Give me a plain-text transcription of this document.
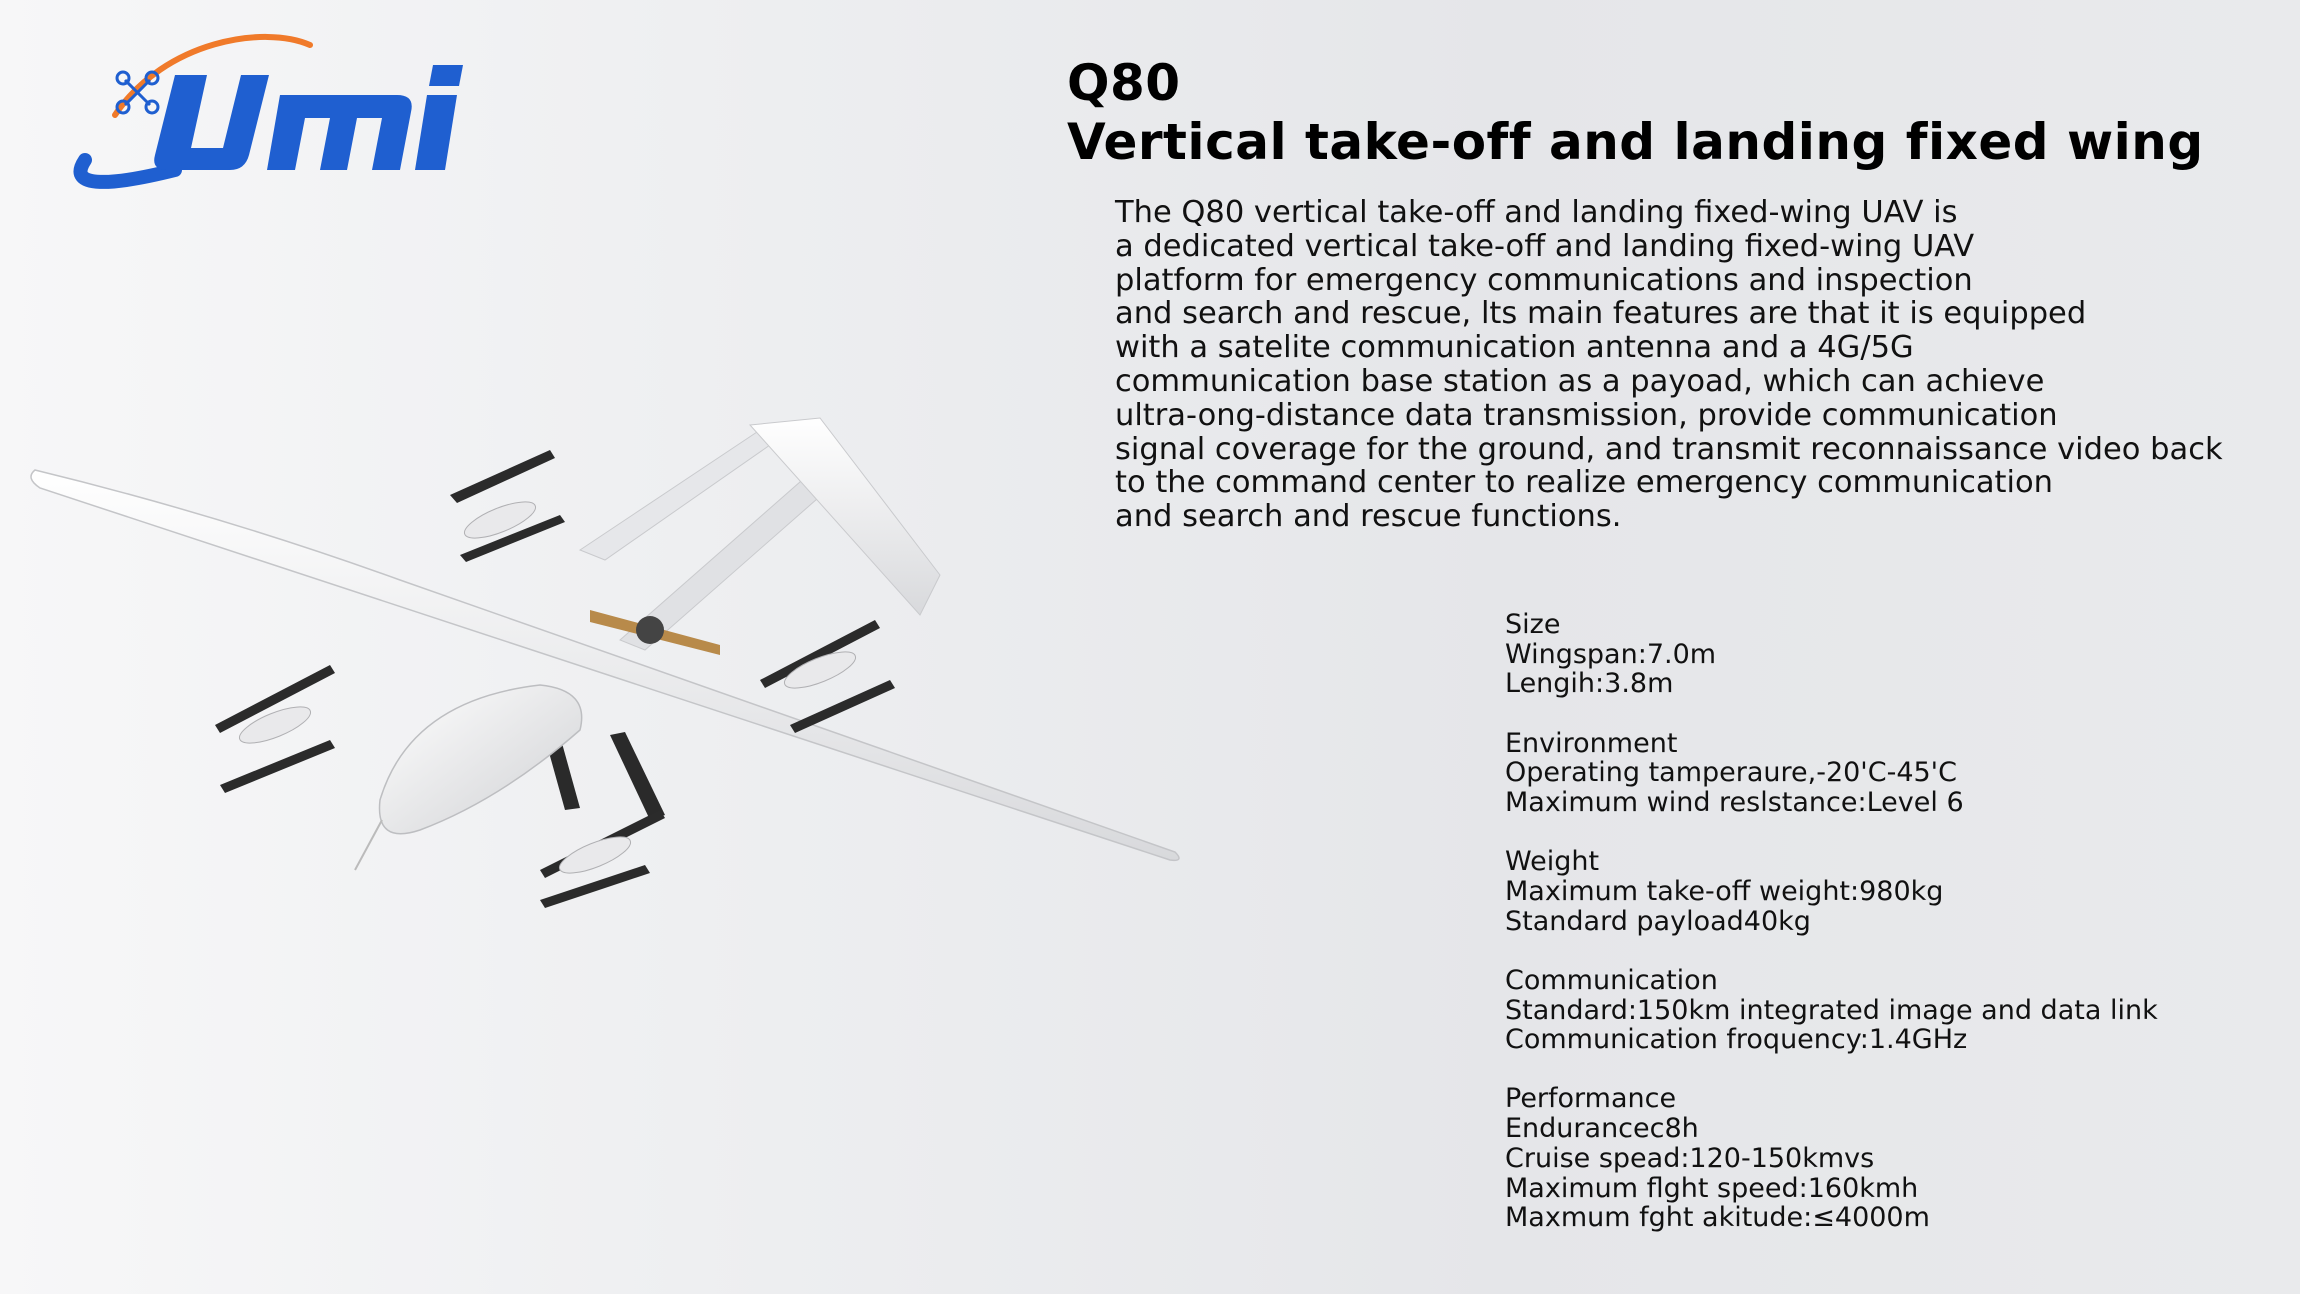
Q80
Vertical take-off and landing fixed wing

The Q80 vertical take-off and landing fixed-wing UAV is
a dedicated vertical take-off and landing fixed-wing UAV
platform for emergency communications and inspection
and search and rescue, lts main features are that it is equipped
with a satelite communication antenna and a 4G/5G
communication base station as a payoad, which can achieve
ultra-ong-distance data transmission, provide communication
signal coverage for the ground, and transmit reconnaissance video back
to the command center to realize emergency communication
and search and rescue functions.

Size
Wingspan:7.0m
Lengih:3.8m
Environment
Operating tamperaure,-20'C-45'C
Maximum wind reslstance:Level 6
Weight
Maximum take-off weight:980kg
Standard payload40kg
Communication
Standard:150km integrated image and data link
Communication froquency:1.4GHz
Performance
Endurancec8h
Cruise spead:120-150kmvs
Maximum flght speed:160kmh
Maxmum fght akitude:≤4000m
